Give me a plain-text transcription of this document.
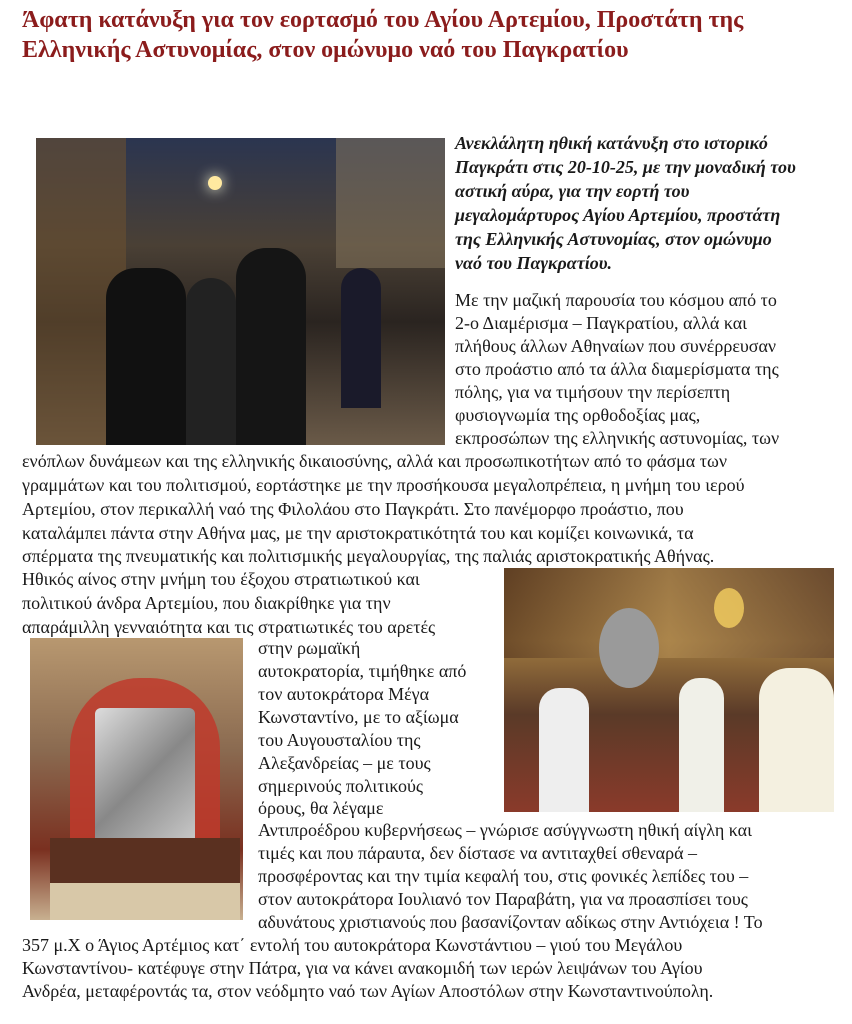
Άφατη κατάνυξη για τον εορτασμό του Αγίου Αρτεμίου, Προστάτη της
Ελληνικής Αστυνομίας, στον ομώνυμο ναό του Παγκρατίου
Ανεκλάλητη ηθική κατάνυξη στο ιστορικό
Παγκράτι στις 20-10-25, με την μοναδική του
αστική αύρα, για την εορτή του
μεγαλομάρτυρος Αγίου Αρτεμίου, προστάτη
της Ελληνικής Αστυνομίας, στον ομώνυμο
ναό του Παγκρατίου.
Με την μαζική παρουσία του κόσμου από το
2-ο Διαμέρισμα – Παγκρατίου, αλλά και
πλήθους άλλων Αθηναίων που συνέρρευσαν
στο προάστιο από τα άλλα διαμερίσματα της
πόλης, για να τιμήσουν την περίσεπτη
φυσιογνωμία της ορθοδοξίας μας,
εκπροσώπων της ελληνικής αστυνομίας, των
ενόπλων δυνάμεων και της ελληνικής δικαιοσύνης, αλλά και προσωπικοτήτων από το φάσμα των
γραμμάτων και του πολιτισμού, εορτάστηκε με την προσήκουσα μεγαλοπρέπεια, η μνήμη του ιερού
Αρτεμίου, στον περικαλλή ναό της Φιλολάου στο Παγκράτι. Στο πανέμορφο προάστιο, που
καταλάμπει πάντα στην Αθήνα μας, με την αριστοκρατικότητά του και κομίζει κοινωνικά, τα
σπέρματα της πνευματικής και πολιτισμικής μεγαλουργίας, της παλιάς αριστοκρατικής Αθήνας.
Ηθικός αίνος στην μνήμη του έξοχου στρατιωτικού και
πολιτικού άνδρα Αρτεμίου, που διακρίθηκε για την
απαράμιλλη γενναιότητα και τις στρατιωτικές του αρετές
στην ρωμαϊκή
αυτοκρατορία, τιμήθηκε από
τον αυτοκράτορα Μέγα
Κωνσταντίνο, με το αξίωμα
του Αυγουσταλίου της
Αλεξανδρείας – με τους
σημερινούς πολιτικούς
όρους, θα λέγαμε
Αντιπροέδρου κυβερνήσεως – γνώρισε ασύγγνωστη ηθική αίγλη και
τιμές και που πάραυτα, δεν δίστασε να αντιταχθεί σθεναρά –
προσφέροντας και την τιμία κεφαλή του, στις φονικές λεπίδες του –
στον αυτοκράτορα Ιουλιανό τον Παραβάτη, για να προασπίσει τους
αδυνάτους χριστιανούς που βασανίζονταν αδίκως στην Αντιόχεια ! Το
357 μ.Χ ο Άγιος Αρτέμιος κατ΄ εντολή του αυτοκράτορα Κωνστάντιου – γιού του Μεγάλου
Κωνσταντίνου- κατέφυγε στην Πάτρα, για να κάνει ανακομιδή των ιερών λειψάνων του Αγίου
Ανδρέα, μεταφέροντάς τα, στον νεόδμητο ναό των Αγίων Αποστόλων στην Κωνσταντινούπολη.
